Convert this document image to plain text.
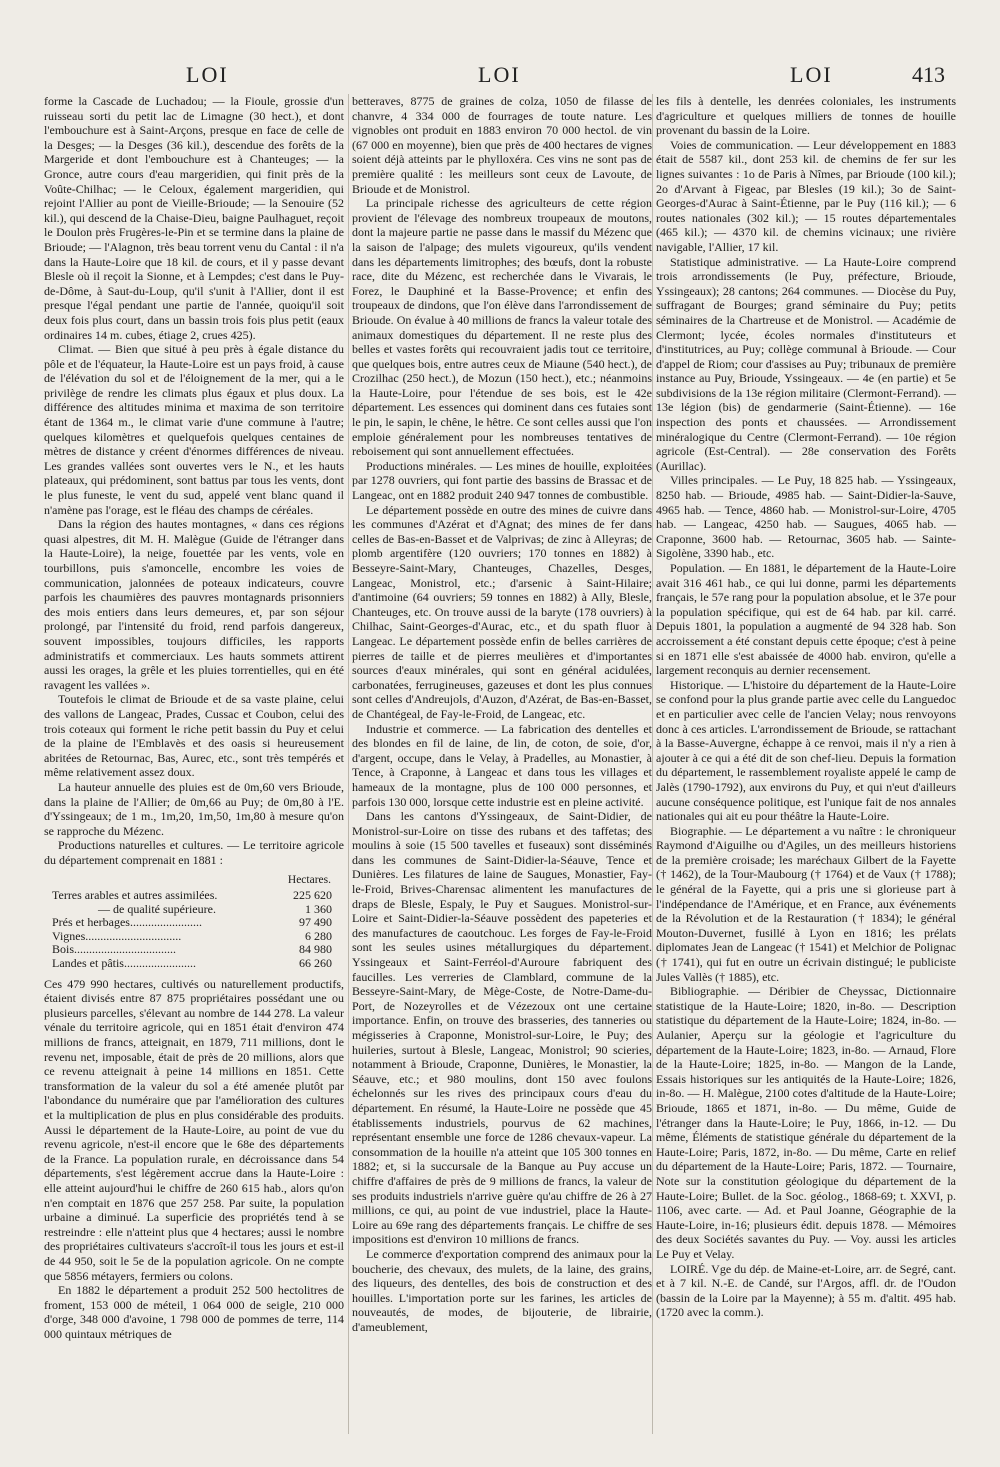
LOI	LOI	LOI	413

forme la Cascade de Luchadou; — la Fioule, grossie d'un ruisseau sorti du petit lac de Limagne (30 hect.), et dont l'embouchure est à Saint-Arçons, presque en face de celle de la Desges; — la Desges (36 kil.), descendue des forêts de la Margeride et dont l'embouchure est à Chanteuges; — la Gronce, autre cours d'eau margeridien, qui finit près de la Voûte-Chilhac; — le Celoux, également margeridien, qui rejoint l'Allier au pont de Vieille-Brioude; — la Senouire (52 kil.), qui descend de la Chaise-Dieu, baigne Paulhaguet, reçoit le Doulon près Frugères-le-Pin et se termine dans la plaine de Brioude; — l'Alagnon, très beau torrent venu du Cantal : il n'a dans la Haute-Loire que 18 kil. de cours, et il y passe devant Blesle où il reçoit la Sionne, et à Lempdes; c'est dans le Puy-de-Dôme, à Saut-du-Loup, qu'il s'unit à l'Allier, dont il est presque l'égal pendant une partie de l'année, quoiqu'il soit deux fois plus court, dans un bassin trois fois plus petit (eaux ordinaires 14 m. cubes, étiage 2, crues 425).

Climat. — Bien que situé à peu près à égale distance du pôle et de l'équateur, la Haute-Loire est un pays froid, à cause de l'élévation du sol et de l'éloignement de la mer, qui a le privilège de rendre les climats plus égaux et plus doux. La différence des altitudes minima et maxima de son territoire étant de 1364 m., le climat varie d'une commune à l'autre; quelques kilomètres et quelquefois quelques centaines de mètres de distance y créent d'énormes différences de niveau. Les grandes vallées sont ouvertes vers le N., et les hauts plateaux, qui prédominent, sont battus par tous les vents, dont le plus funeste, le vent du sud, appelé vent blanc quand il n'amène pas l'orage, est le fléau des champs de céréales.

Dans la région des hautes montagnes, « dans ces régions quasi alpestres, dit M. H. Malègue (Guide de l'étranger dans la Haute-Loire), la neige, fouettée par les vents, vole en tourbillons, puis s'amoncelle, encombre les voies de communication, jalonnées de poteaux indicateurs, couvre parfois les chaumières des pauvres montagnards prisonniers des mois entiers dans leurs demeures, et, par son séjour prolongé, par l'intensité du froid, rend parfois dangereux, souvent impossibles, toujours difficiles, les rapports administratifs et commerciaux. Les hauts sommets attirent aussi les orages, la grêle et les pluies torrentielles, qui en été ravagent les vallées ».

Toutefois le climat de Brioude et de sa vaste plaine, celui des vallons de Langeac, Prades, Cussac et Coubon, celui des trois coteaux qui forment le riche petit bassin du Puy et celui de la plaine de l'Emblavès et des oasis si heureusement abritées de Retournac, Bas, Aurec, etc., sont très tempérés et même relativement assez doux.

La hauteur annuelle des pluies est de 0m,60 vers Brioude, dans la plaine de l'Allier; de 0m,66 au Puy; de 0m,80 à l'E. d'Yssingeaux; de 1 m., 1m,20, 1m,50, 1m,80 à mesure qu'on se rapproche du Mézenc.

Productions naturelles et cultures. — Le territoire agricole du département comprenait en 1881 :

	Hectares.
Terres arables et autres assimilées.	225 620
— de qualité supérieure.	1 360
Prés et herbages........................	97 490
Vignes................................	6 280
Bois..................................	84 980
Landes et pâtis........................	66 260

Ces 479 990 hectares, cultivés ou naturellement productifs, étaient divisés entre 87 875 propriétaires possédant une ou plusieurs parcelles, s'élevant au nombre de 144 278. La valeur vénale du territoire agricole, qui en 1851 était d'environ 474 millions de francs, atteignait, en 1879, 711 millions, dont le revenu net, imposable, était de près de 20 millions, alors que ce revenu atteignait à peine 14 millions en 1851. Cette transformation de la valeur du sol a été amenée plutôt par l'abondance du numéraire que par l'amélioration des cultures et la multiplication de plus en plus considérable des produits. Aussi le département de la Haute-Loire, au point de vue du revenu agricole, n'est-il encore que le 68e des départements de la France. La population rurale, en décroissance dans 54 départements, s'est légèrement accrue dans la Haute-Loire : elle atteint aujourd'hui le chiffre de 260 615 hab., alors qu'on n'en comptait en 1876 que 257 258. Par suite, la population urbaine a diminué. La superficie des propriétés tend à se restreindre : elle n'atteint plus que 4 hectares; aussi le nombre des propriétaires cultivateurs s'accroît-il tous les jours et est-il de 44 950, soit le 5e de la population agricole. On ne compte que 5856 métayers, fermiers ou colons.

En 1882 le département a produit 252 500 hectolitres de froment, 153 000 de méteil, 1 064 000 de seigle, 210 000 d'orge, 348 000 d'avoine, 1 798 000 de pommes de terre, 114 000 quintaux métriques de

betteraves, 8775 de graines de colza, 1050 de filasse de chanvre, 4 334 000 de fourrages de toute nature. Les vignobles ont produit en 1883 environ 70 000 hectol. de vin (67 000 en moyenne), bien que près de 400 hectares de vignes soient déjà atteints par le phylloxéra. Ces vins ne sont pas de première qualité : les meilleurs sont ceux de Lavoute, de Brioude et de Monistrol.

La principale richesse des agriculteurs de cette région provient de l'élevage des nombreux troupeaux de moutons, dont la majeure partie ne passe dans le massif du Mézenc que la saison de l'alpage; des mulets vigoureux, qu'ils vendent dans les départements limitrophes; des bœufs, dont la robuste race, dite du Mézenc, est recherchée dans le Vivarais, le Forez, le Dauphiné et la Basse-Provence; et enfin des troupeaux de dindons, que l'on élève dans l'arrondissement de Brioude. On évalue à 40 millions de francs la valeur totale des animaux domestiques du département. Il ne reste plus des belles et vastes forêts qui recouvraient jadis tout ce territoire, que quelques bois, entre autres ceux de Miaune (540 hect.), de Crozilhac (250 hect.), de Mozun (150 hect.), etc.; néanmoins la Haute-Loire, pour l'étendue de ses bois, est le 42e département. Les essences qui dominent dans ces futaies sont le pin, le sapin, le chêne, le hêtre. Ce sont celles aussi que l'on emploie généralement pour les nombreuses tentatives de reboisement qui sont annuellement effectuées.

Productions minérales. — Les mines de houille, exploitées par 1278 ouvriers, qui font partie des bassins de Brassac et de Langeac, ont en 1882 produit 240 947 tonnes de combustible.

Le département possède en outre des mines de cuivre dans les communes d'Azérat et d'Agnat; des mines de fer dans celles de Bas-en-Basset et de Valprivas; de zinc à Alleyras; de plomb argentifère (120 ouvriers; 170 tonnes en 1882) à Besseyre-Saint-Mary, Chanteuges, Chazelles, Desges, Langeac, Monistrol, etc.; d'arsenic à Saint-Hilaire; d'antimoine (64 ouvriers; 59 tonnes en 1882) à Ally, Blesle, Chanteuges, etc. On trouve aussi de la baryte (178 ouvriers) à Chilhac, Saint-Georges-d'Aurac, etc., et du spath fluor à Langeac. Le département possède enfin de belles carrières de pierres de taille et de pierres meulières et d'importantes sources d'eaux minérales, qui sont en général acidulées, carbonatées, ferrugineuses, gazeuses et dont les plus connues sont celles d'Andreujols, d'Auzon, d'Azérat, de Bas-en-Basset, de Chantégeal, de Fay-le-Froid, de Langeac, etc.

Industrie et commerce. — La fabrication des dentelles et des blondes en fil de laine, de lin, de coton, de soie, d'or, d'argent, occupe, dans le Velay, à Pradelles, au Monastier, à Tence, à Craponne, à Langeac et dans tous les villages et hameaux de la montagne, plus de 100 000 personnes, et parfois 130 000, lorsque cette industrie est en pleine activité.

Dans les cantons d'Yssingeaux, de Saint-Didier, de Monistrol-sur-Loire on tisse des rubans et des taffetas; des moulins à soie (15 500 tavelles et fuseaux) sont disséminés dans les communes de Saint-Didier-la-Séauve, Tence et Dunières. Les filatures de laine de Saugues, Monastier, Fay-le-Froid, Brives-Charensac alimentent les manufactures de draps de Blesle, Espaly, le Puy et Saugues. Monistrol-sur-Loire et Saint-Didier-la-Séauve possèdent des papeteries et des manufactures de caoutchouc. Les forges de Fay-le-Froid sont les seules usines métallurgiques du département. Yssingeaux et Saint-Ferréol-d'Auroure fabriquent des faucilles. Les verreries de Clamblard, commune de la Besseyre-Saint-Mary, de Mège-Coste, de Notre-Dame-du-Port, de Nozeyrolles et de Vézezoux ont une certaine importance. Enfin, on trouve des brasseries, des tanneries ou mégisseries à Craponne, Monistrol-sur-Loire, le Puy; des huileries, surtout à Blesle, Langeac, Monistrol; 90 scieries, notamment à Brioude, Craponne, Dunières, le Monastier, la Séauve, etc.; et 980 moulins, dont 150 avec foulons échelonnés sur les rives des principaux cours d'eau du département. En résumé, la Haute-Loire ne possède que 45 établissements industriels, pourvus de 62 machines, représentant ensemble une force de 1286 chevaux-vapeur. La consommation de la houille n'a atteint que 105 300 tonnes en 1882; et, si la succursale de la Banque au Puy accuse un chiffre d'affaires de près de 9 millions de francs, la valeur de ses produits industriels n'arrive guère qu'au chiffre de 26 à 27 millions, ce qui, au point de vue industriel, place la Haute-Loire au 69e rang des départements français. Le chiffre de ses impositions est d'environ 10 millions de francs.

Le commerce d'exportation comprend des animaux pour la boucherie, des chevaux, des mulets, de la laine, des grains, des liqueurs, des dentelles, des bois de construction et des houilles. L'importation porte sur les farines, les articles de nouveautés, de modes, de bijouterie, de librairie, d'ameublement,

les fils à dentelle, les denrées coloniales, les instruments d'agriculture et quelques milliers de tonnes de houille provenant du bassin de la Loire.

Voies de communication. — Leur développement en 1883 était de 5587 kil., dont 253 kil. de chemins de fer sur les lignes suivantes : 1o de Paris à Nîmes, par Brioude (100 kil.); 2o d'Arvant à Figeac, par Blesles (19 kil.); 3o de Saint-Georges-d'Aurac à Saint-Étienne, par le Puy (116 kil.); — 6 routes nationales (302 kil.); — 15 routes départementales (465 kil.); — 4370 kil. de chemins vicinaux; une rivière navigable, l'Allier, 17 kil.

Statistique administrative. — La Haute-Loire comprend trois arrondissements (le Puy, préfecture, Brioude, Yssingeaux); 28 cantons; 264 communes. — Diocèse du Puy, suffragant de Bourges; grand séminaire du Puy; petits séminaires de la Chartreuse et de Monistrol. — Académie de Clermont; lycée, écoles normales d'instituteurs et d'institutrices, au Puy; collège communal à Brioude. — Cour d'appel de Riom; cour d'assises au Puy; tribunaux de première instance au Puy, Brioude, Yssingeaux. — 4e (en partie) et 5e subdivisions de la 13e région militaire (Clermont-Ferrand). — 13e légion (bis) de gendarmerie (Saint-Étienne). — 16e inspection des ponts et chaussées. — Arrondissement minéralogique du Centre (Clermont-Ferrand). — 10e région agricole (Est-Central). — 28e conservation des Forêts (Aurillac).

Villes principales. — Le Puy, 18 825 hab. — Yssingeaux, 8250 hab. — Brioude, 4985 hab. — Saint-Didier-la-Sauve, 4965 hab. — Tence, 4860 hab. — Monistrol-sur-Loire, 4705 hab. — Langeac, 4250 hab. — Saugues, 4065 hab. — Craponne, 3600 hab. — Retournac, 3605 hab. — Sainte-Sigolène, 3390 hab., etc.

Population. — En 1881, le département de la Haute-Loire avait 316 461 hab., ce qui lui donne, parmi les départements français, le 57e rang pour la population absolue, et le 37e pour la population spécifique, qui est de 64 hab. par kil. carré. Depuis 1801, la population a augmenté de 94 328 hab. Son accroissement a été constant depuis cette époque; c'est à peine si en 1871 elle s'est abaissée de 4000 hab. environ, qu'elle a largement reconquis au dernier recensement.

Historique. — L'histoire du département de la Haute-Loire se confond pour la plus grande partie avec celle du Languedoc et en particulier avec celle de l'ancien Velay; nous renvoyons donc à ces articles. L'arrondissement de Brioude, se rattachant à la Basse-Auvergne, échappe à ce renvoi, mais il n'y a rien à ajouter à ce qui a été dit de son chef-lieu. Depuis la formation du département, le rassemblement royaliste appelé le camp de Jalès (1790-1792), aux environs du Puy, et qui n'eut d'ailleurs aucune conséquence politique, est l'unique fait de nos annales nationales qui ait eu pour théâtre la Haute-Loire.

Biographie. — Le département a vu naître : le chroniqueur Raymond d'Aiguilhe ou d'Agiles, un des meilleurs historiens de la première croisade; les maréchaux Gilbert de la Fayette († 1462), de la Tour-Maubourg († 1764) et de Vaux († 1788); le général de la Fayette, qui a pris une si glorieuse part à l'indépendance de l'Amérique, et en France, aux événements de la Révolution et de la Restauration († 1834); le général Mouton-Duvernet, fusillé à Lyon en 1816; les prélats diplomates Jean de Langeac († 1541) et Melchior de Polignac († 1741), qui fut en outre un écrivain distingué; le publiciste Jules Vallès († 1885), etc.

Bibliographie. — Déribier de Cheyssac, Dictionnaire statistique de la Haute-Loire; 1820, in-8o. — Description statistique du département de la Haute-Loire; 1824, in-8o. — Aulanier, Aperçu sur la géologie et l'agriculture du département de la Haute-Loire; 1823, in-8o. — Arnaud, Flore de la Haute-Loire; 1825, in-8o. — Mangon de la Lande, Essais historiques sur les antiquités de la Haute-Loire; 1826, in-8o. — H. Malègue, 2100 cotes d'altitude de la Haute-Loire; Brioude, 1865 et 1871, in-8o. — Du même, Guide de l'étranger dans la Haute-Loire; le Puy, 1866, in-12. — Du même, Éléments de statistique générale du département de la Haute-Loire; Paris, 1872, in-8o. — Du même, Carte en relief du département de la Haute-Loire; Paris, 1872. — Tournaire, Note sur la constitution géologique du département de la Haute-Loire; Bullet. de la Soc. géolog., 1868-69; t. XXVI, p. 1106, avec carte. — Ad. et Paul Joanne, Géographie de la Haute-Loire, in-16; plusieurs édit. depuis 1878. — Mémoires des deux Sociétés savantes du Puy. — Voy. aussi les articles Le Puy et Velay.

LOIRÉ. Vge du dép. de Maine-et-Loire, arr. de Segré, cant. et à 7 kil. N.-E. de Candé, sur l'Argos, affl. dr. de l'Oudon (bassin de la Loire par la Mayenne); à 55 m. d'altit. 495 hab. (1720 avec la comm.).
